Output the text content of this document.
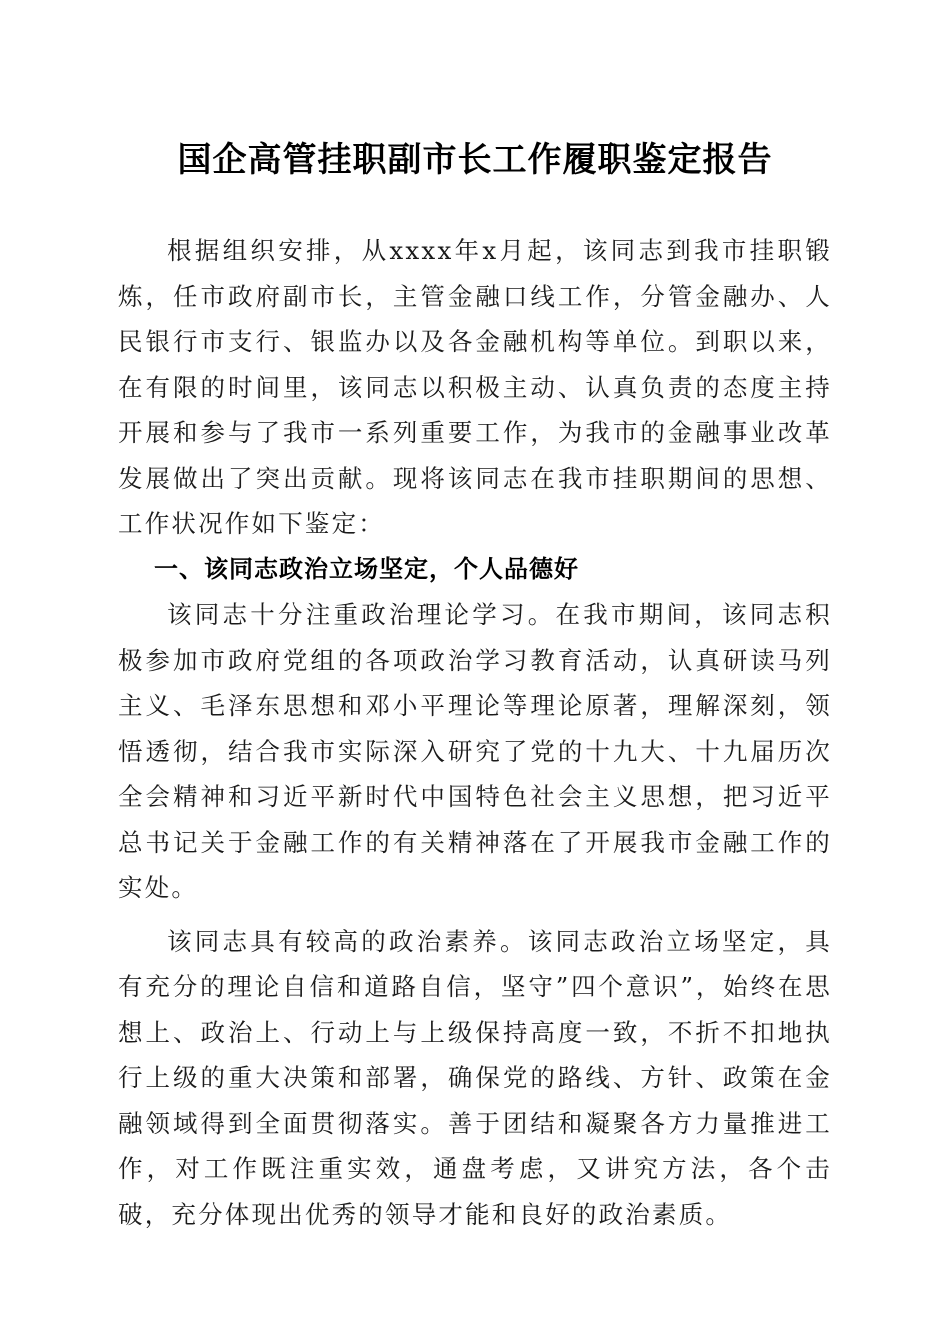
国企高管挂职副市长工作履职鉴定报告

根据组织安排，从xxxx年x月起，该同志到我市挂职锻炼，任市政府副市长，主管金融口线工作，分管金融办、人民银行市支行、银监办以及各金融机构等单位。到职以来，在有限的时间里，该同志以积极主动、认真负责的态度主持开展和参与了我市一系列重要工作，为我市的金融事业改革发展做出了突出贡献。现将该同志在我市挂职期间的思想、工作状况作如下鉴定：

一、该同志政治立场坚定，个人品德好

该同志十分注重政治理论学习。在我市期间，该同志积极参加市政府党组的各项政治学习教育活动，认真研读马列主义、毛泽东思想和邓小平理论等理论原著，理解深刻，领悟透彻，结合我市实际深入研究了党的十九大、十九届历次全会精神和习近平新时代中国特色社会主义思想，把习近平总书记关于金融工作的有关精神落在了开展我市金融工作的实处。

该同志具有较高的政治素养。该同志政治立场坚定，具有充分的理论自信和道路自信，坚守”四个意识”，始终在思想上、政治上、行动上与上级保持高度一致，不折不扣地执行上级的重大决策和部署，确保党的路线、方针、政策在金融领域得到全面贯彻落实。善于团结和凝聚各方力量推进工作，对工作既注重实效，通盘考虑，又讲究方法，各个击破，充分体现出优秀的领导才能和良好的政治素质。
